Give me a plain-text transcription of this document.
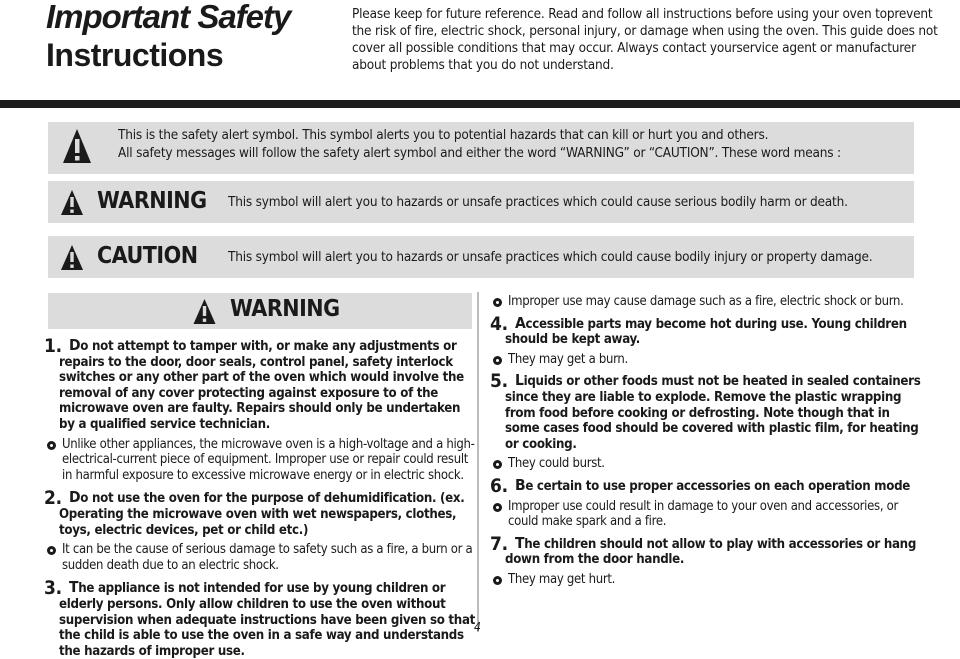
Important Safety
Instructions

Please keep for future reference. Read and follow all instructions before using your oven toprevent the risk of fire, electric shock, personal injury, or damage when using the oven. This guide does not cover all possible conditions that may occur. Always contact yourservice agent or manufacturer about problems that you do not understand.

This is the safety alert symbol. This symbol alerts you to potential hazards that can kill or hurt you and others.
All safety messages will follow the safety alert symbol and either the word “WARNING” or “CAUTION”. These word means :

WARNING This symbol will alert you to hazards or unsafe practices which could cause serious bodily harm or death.

CAUTION This symbol will alert you to hazards or unsafe practices which could cause bodily injury or property damage.

WARNING

1. Do not attempt to tamper with, or make any adjustments or repairs to the door, door seals, control panel, safety interlock switches or any other part of the oven which would involve the removal of any cover protecting against exposure to of the microwave oven are faulty. Repairs should only be undertaken by a qualified service technician.

Unlike other appliances, the microwave oven is a high-voltage and a high-electrical-current piece of equipment. Improper use or repair could result in harmful exposure to excessive microwave energy or in electric shock.

2. Do not use the oven for the purpose of dehumidification. (ex. Operating the microwave oven with wet newspapers, clothes, toys, electric devices, pet or child etc.)

It can be the cause of serious damage to safety such as a fire, a burn or a sudden death due to an electric shock.

3. The appliance is not intended for use by young children or elderly persons. Only allow children to use the oven without supervision when adequate instructions have been given so that the child is able to use the oven in a safe way and understands the hazards of improper use.

Improper use may cause damage such as a fire, electric shock or burn.

4. Accessible parts may become hot during use. Young children should be kept away.

They may get a burn.

5. Liquids or other foods must not be heated in sealed containers since they are liable to explode. Remove the plastic wrapping from food before cooking or defrosting. Note though that in some cases food should be covered with plastic film, for heating or cooking.

They could burst.

6. Be certain to use proper accessories on each operation mode

Improper use could result in damage to your oven and accessories, or could make spark and a fire.

7. The children should not allow to play with accessories or hang down from the door handle.

They may get hurt.

4
